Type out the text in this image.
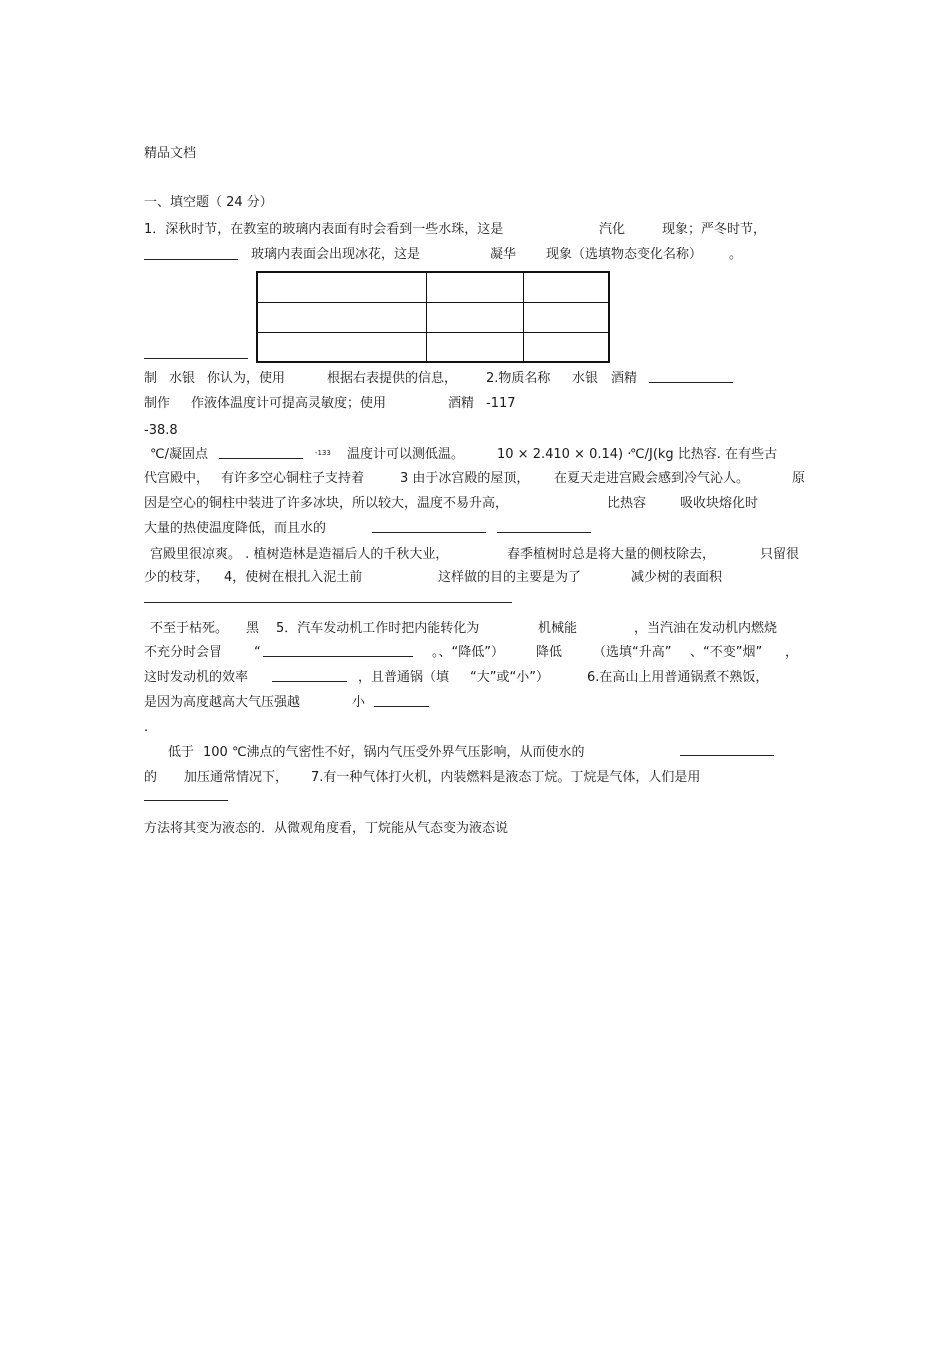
精品文档
一、填空题（ 24 分）
1．深秋时节，在教室的玻璃内表面有时会看到一些水珠，这是	汽化	现象；严冬时节，
玻璃内表面会出现冰花，这是	凝华 现象（选填物态变化名称） 。

制 水银 你认为，使用	根据右表提供的信息， 2.物质名称 水银 酒精
制作 作液体温度计可提高灵敏度；使用	酒精 -117
-38.8
℃/凝固点	-133 温度计可以测低温。	10 × 2.410 × 0.14) ·
℃/J(kg 比热容. 在有些古
代宫殿中， 有许多空心铜柱子支持着	3 由于冰宫殿的屋顶， 在夏天走进宫殿会感到冷气沁人。	原
因是空心的铜柱中装进了许多冰块，所以较大，温度不易升高，	比热容	吸收块熔化时
大量的热使温度降低，而且水的
宫殿里很凉爽。 . 植树造林是造福后人的千秋大业，	春季植树时总是将大量的侧枝除去，	只留很
少的枝芽， 4，使树在根扎入泥土前	这样做的目的主要是为了	减少树的表面积
不至于枯死。 黑 5．汽车发动机工作时把内能转化为	机械能	，当汽油在发动机内燃烧
不充分时会冒 “	。、“降低”） 降低 （选填“升高” 、“不变”烟” ，
这时发动机的效率	，且普通锅（填 “大”或“小”）	6.在高山上用普通锅煮不熟饭，
是因为高度越高大气压强越	小
.
低于 100 ℃沸点的气密性不好，锅内气压受外界气压影响，从而使水的
的 加压通常情况下， 7.有一种气体打火机，内装燃料是液态丁烷。丁烷是气体，人们是用
方法将其变为液态的．从微观角度看，丁烷能从气态变为液态说
